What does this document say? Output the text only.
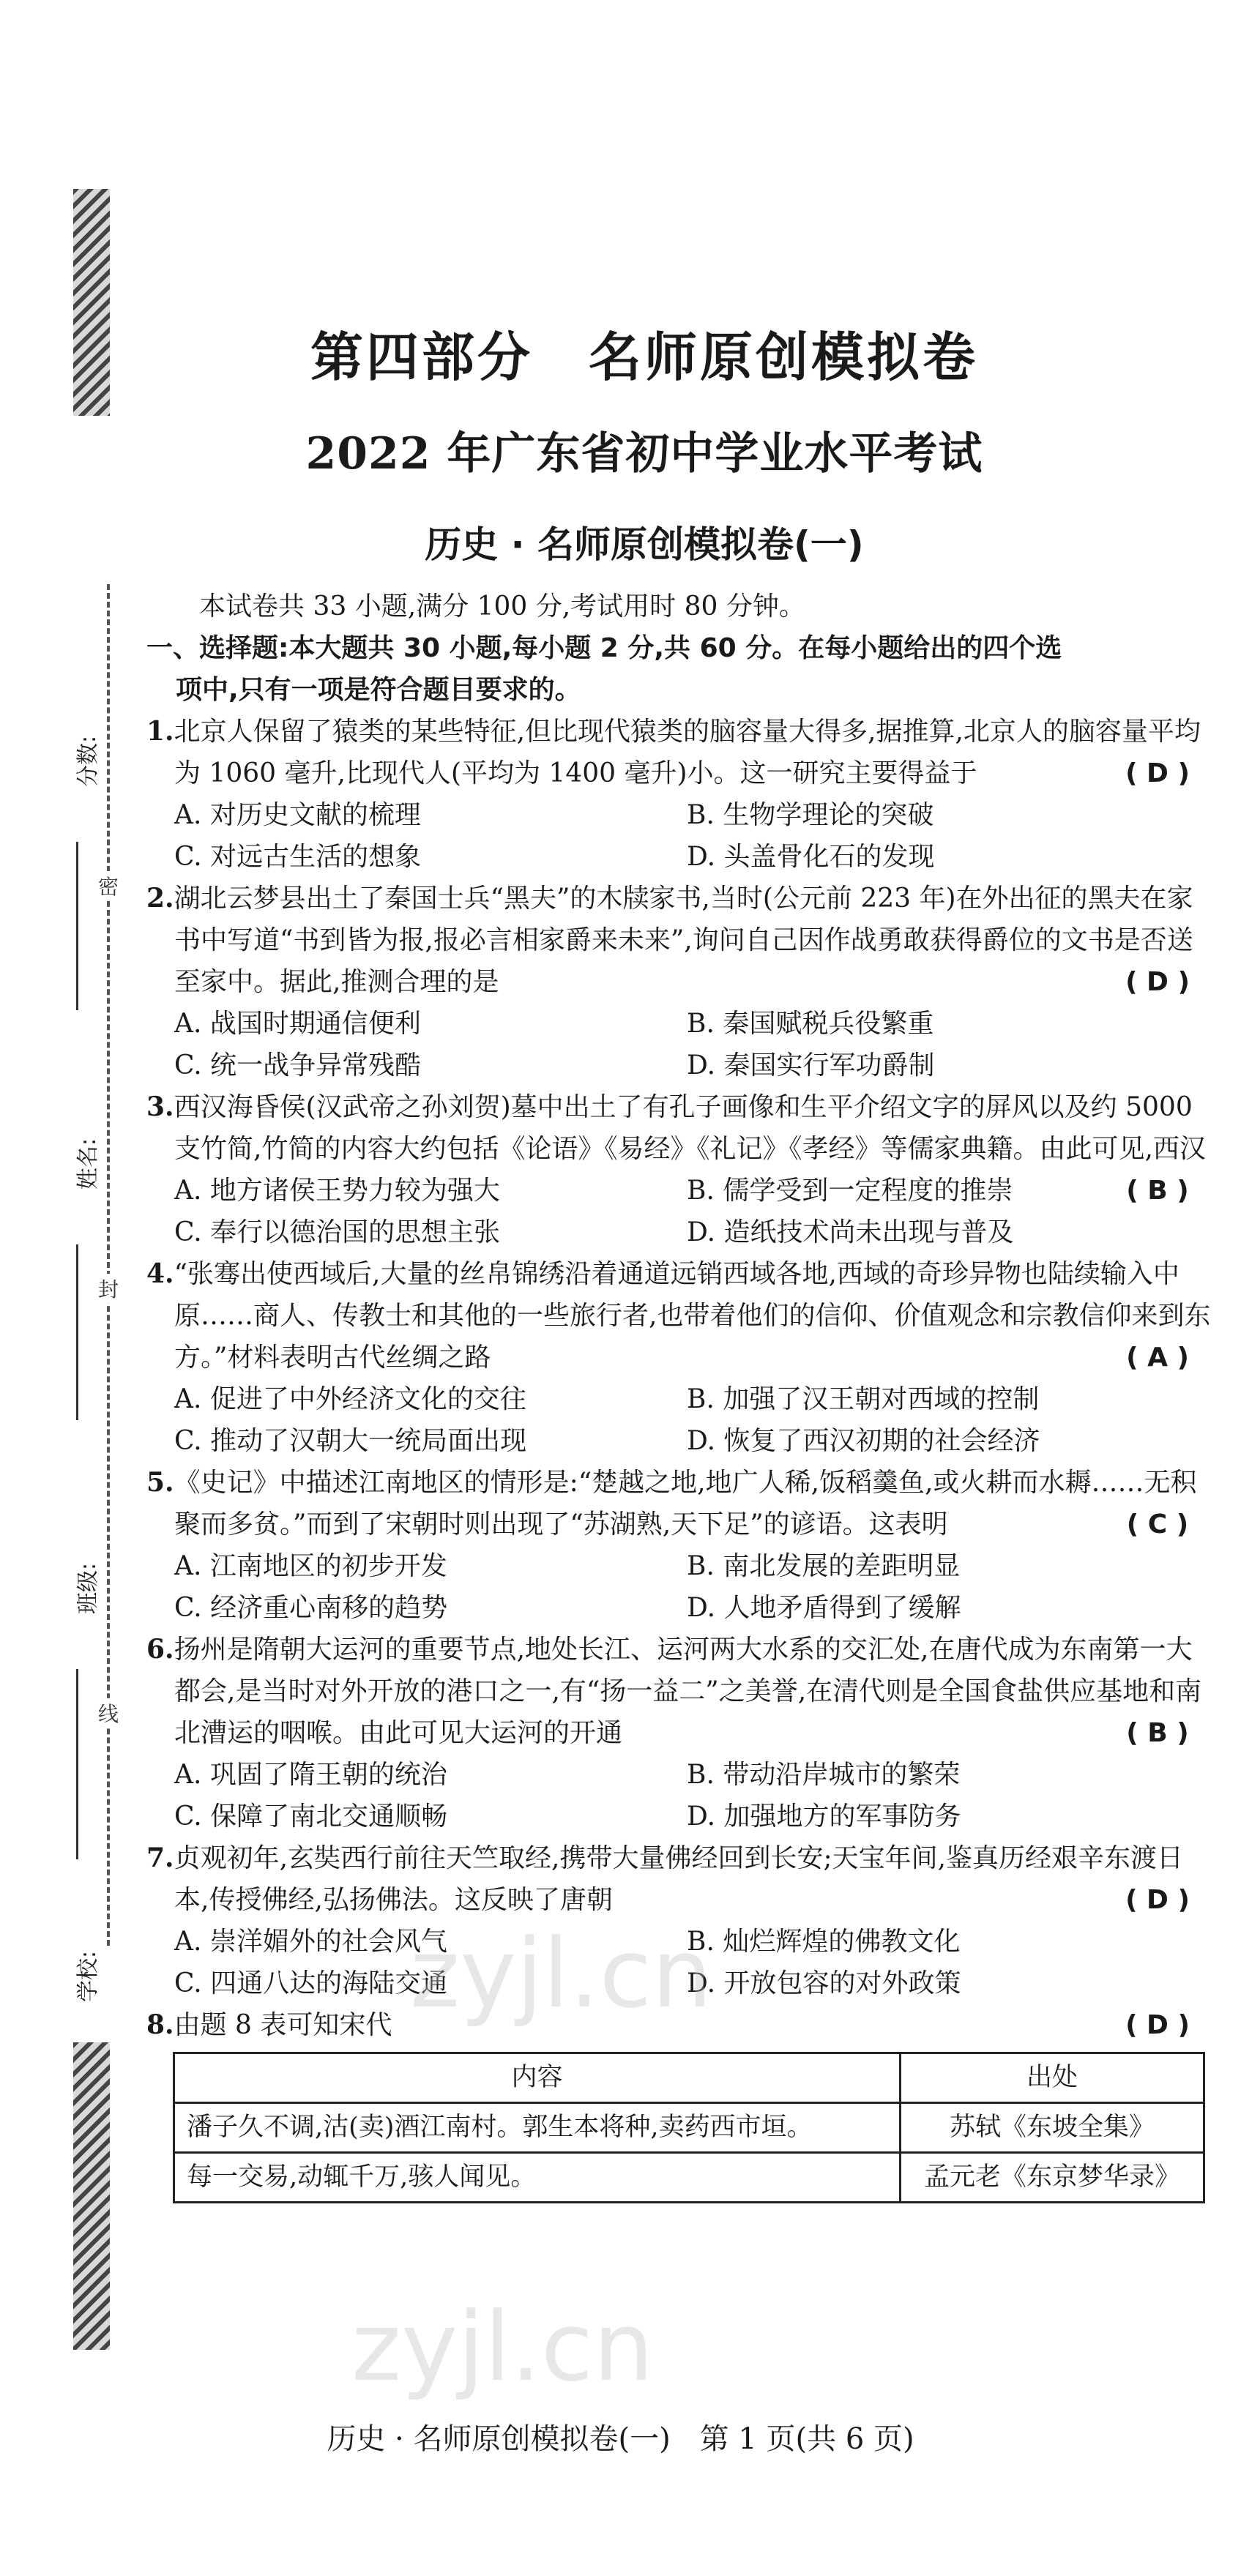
密
封
线
分数:
姓名:
班级:
学校:
第四部分　名师原创模拟卷
2022 年广东省初中学业水平考试
历史 · 名师原创模拟卷(一)

本试卷共 33 小题,满分 100 分,考试用时 80 分钟。

一、选择题:本大题共 30 小题,每小题 2 分,共 60 分。在每小题给出的四个选
项中,只有一项是符合题目要求的。
1.北京人保留了猿类的某些特征,但比现代猿类的脑容量大得多,据推算,北京人的脑容量平均为 1060 毫升,比现代人(平均为 1400 毫升)小。这一研究主要得益于	( D )
A. 对历史文献的梳理	B. 生物学理论的突破
C. 对远古生活的想象	D. 头盖骨化石的发现
2.湖北云梦县出土了秦国士兵“黑夫”的木牍家书,当时(公元前 223 年)在外出征的黑夫在家书中写道“书到皆为报,报必言相家爵来未来”,询问自己因作战勇敢获得爵位的文书是否送至家中。据此,推测合理的是	( D )
A. 战国时期通信便利	B. 秦国赋税兵役繁重
C. 统一战争异常残酷	D. 秦国实行军功爵制
3.西汉海昏侯(汉武帝之孙刘贺)墓中出土了有孔子画像和生平介绍文字的屏风以及约 5000 支竹简,竹简的内容大约包括《论语》《易经》《礼记》《孝经》等儒家典籍。由此可见,西汉
( B )
A. 地方诸侯王势力较为强大	B. 儒学受到一定程度的推崇
C. 奉行以德治国的思想主张	D. 造纸技术尚未出现与普及
4.“张骞出使西域后,大量的丝帛锦绣沿着通道远销西域各地,西域的奇珍异物也陆续输入中原……商人、传教士和其他的一些旅行者,也带着他们的信仰、价值观念和宗教信仰来到东方。”材料表明古代丝绸之路	( A )
A. 促进了中外经济文化的交往	B. 加强了汉王朝对西域的控制
C. 推动了汉朝大一统局面出现	D. 恢复了西汉初期的社会经济
5.《史记》中描述江南地区的情形是:“楚越之地,地广人稀,饭稻羹鱼,或火耕而水耨……无积聚而多贫。”而到了宋朝时则出现了“苏湖熟,天下足”的谚语。这表明	( C )
A. 江南地区的初步开发	B. 南北发展的差距明显
C. 经济重心南移的趋势	D. 人地矛盾得到了缓解
6.扬州是隋朝大运河的重要节点,地处长江、运河两大水系的交汇处,在唐代成为东南第一大都会,是当时对外开放的港口之一,有“扬一益二”之美誉,在清代则是全国食盐供应基地和南北漕运的咽喉。由此可见大运河的开通	( B )
A. 巩固了隋王朝的统治	B. 带动沿岸城市的繁荣
C. 保障了南北交通顺畅	D. 加强地方的军事防务
7.贞观初年,玄奘西行前往天竺取经,携带大量佛经回到长安;天宝年间,鉴真历经艰辛东渡日本,传授佛经,弘扬佛法。这反映了唐朝	( D )
A. 崇洋媚外的社会风气	B. 灿烂辉煌的佛教文化
C. 四通八达的海陆交通	D. 开放包容的对外政策
8.由题 8 表可知宋代	( D )
内容	出处
潘子久不调,沽(卖)酒江南村。郭生本将种,卖药西市垣。	苏轼《东坡全集》
每一交易,动辄千万,骇人闻见。	孟元老《东京梦华录》
zyjl.cn
zyjl.cn
历史 · 名师原创模拟卷(一)　第 1 页(共 6 页)
